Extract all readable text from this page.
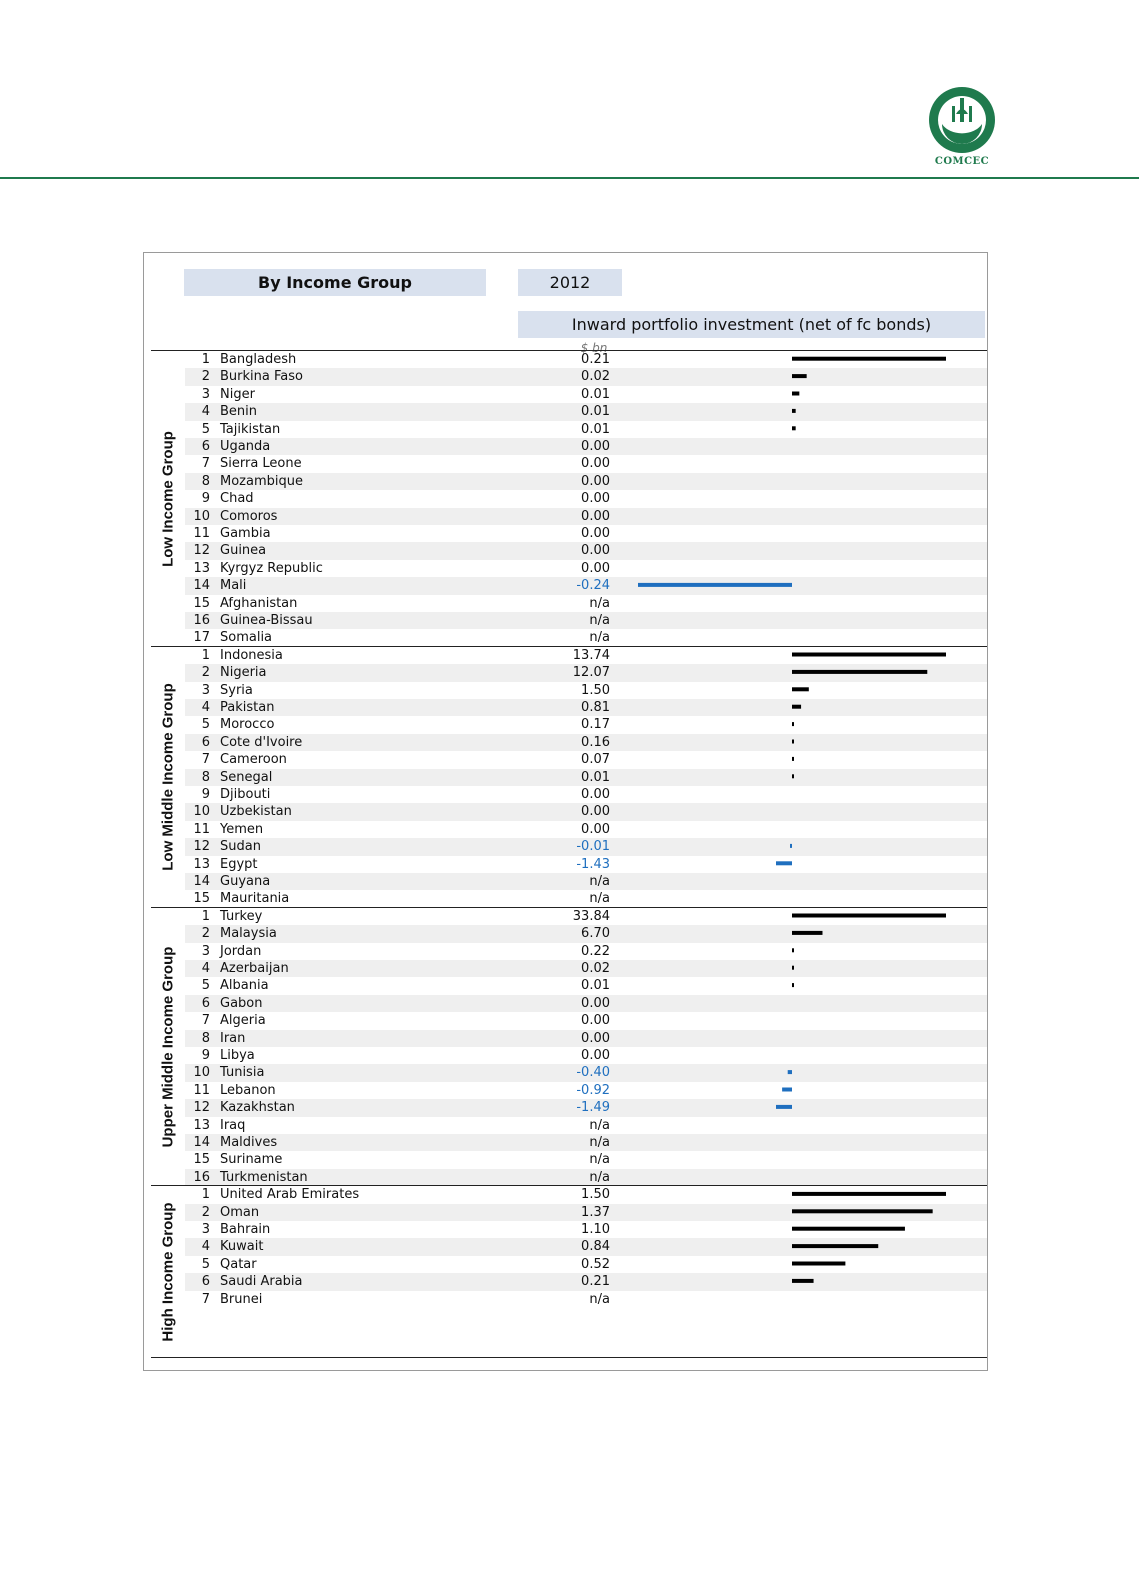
COMCEC
By Income Group	2012
Inward portfolio investment (net of fc bonds)
$ bn
Low Income Group
1 Bangladesh	0.21
2 Burkina Faso	0.02
3 Niger	0.01
4 Benin	0.01
5 Tajikistan	0.01
6 Uganda	0.00
7 Sierra Leone	0.00
8 Mozambique	0.00
9 Chad	0.00
10 Comoros	0.00
11 Gambia	0.00
12 Guinea	0.00
13 Kyrgyz Republic	0.00
14 Mali	-0.24
15 Afghanistan	n/a
16 Guinea-Bissau	n/a
17 Somalia	n/a
Low Middle Income Group
1 Indonesia	13.74
2 Nigeria	12.07
3 Syria	1.50
4 Pakistan	0.81
5 Morocco	0.17
6 Cote d'Ivoire	0.16
7 Cameroon	0.07
8 Senegal	0.01
9 Djibouti	0.00
10 Uzbekistan	0.00
11 Yemen	0.00
12 Sudan	-0.01
13 Egypt	-1.43
14 Guyana	n/a
15 Mauritania	n/a
Upper Middle Income Group
1 Turkey	33.84
2 Malaysia	6.70
3 Jordan	0.22
4 Azerbaijan	0.02
5 Albania	0.01
6 Gabon	0.00
7 Algeria	0.00
8 Iran	0.00
9 Libya	0.00
10 Tunisia	-0.40
11 Lebanon	-0.92
12 Kazakhstan	-1.49
13 Iraq	n/a
14 Maldives	n/a
15 Suriname	n/a
16 Turkmenistan	n/a
High Income Group
1 United Arab Emirates	1.50
2 Oman	1.37
3 Bahrain	1.10
4 Kuwait	0.84
5 Qatar	0.52
6 Saudi Arabia	0.21
7 Brunei	n/a
